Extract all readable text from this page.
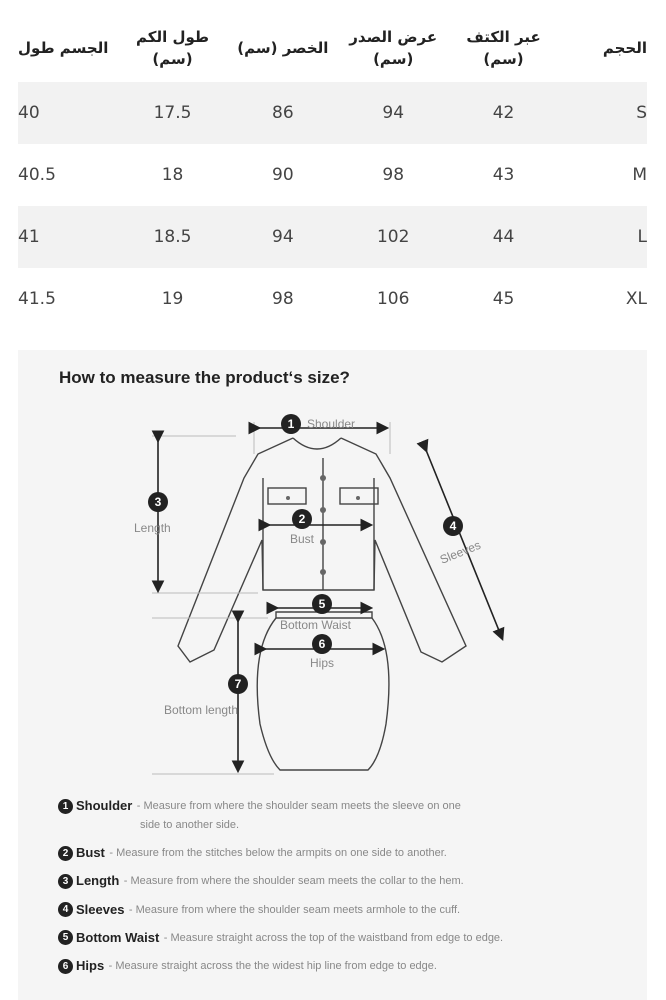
الحجم
عبر الكتف
(سم)
عرض الصدر
(سم)
الخصر (سم)
طول الكم
(سم)
الجسم طول
S
42
94
86
17.5
40
M
43
98
90
18
40.5
L
44
102
94
18.5
41
XL
45
106
98
19
41.5
How to measure the product‘s size?
1
2
3
4
5
6
7
Shoulder
Bust
Length
Sleeves
Bottom Waist
Hips
Bottom length
1 Shoulder - Measure from where the shoulder seam meets the sleeve on one
side to another side.
2 Bust - Measure from the stitches below the armpits on one side to another.
3 Length - Measure from where the shoulder seam meets the collar to the hem.
4 Sleeves - Measure from where the shoulder seam meets armhole to the cuff.
5 Bottom Waist - Measure straight across the top of the waistband from edge to edge.
6 Hips - Measure straight across the the widest hip line from edge to edge.
